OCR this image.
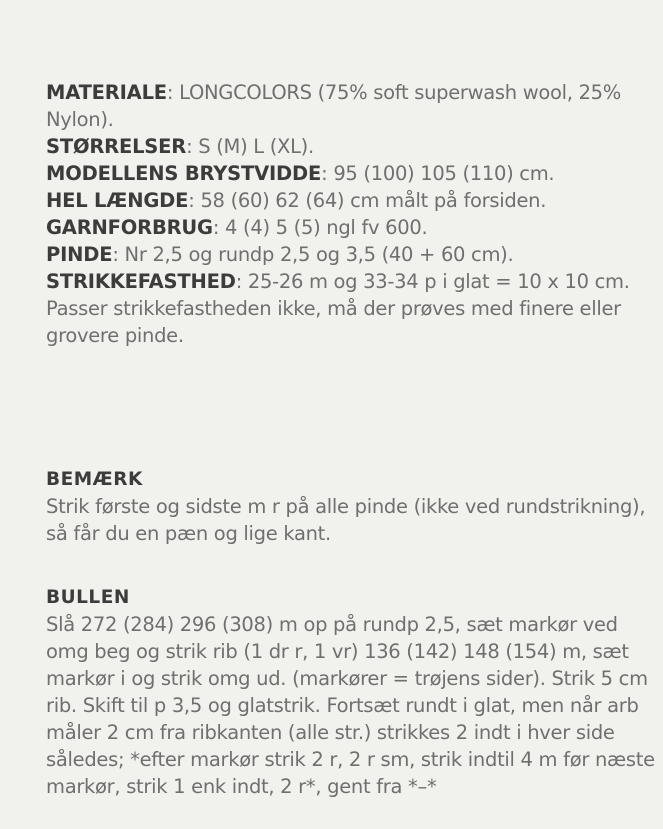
MATERIALE: LONGCOLORS (75% soft superwash wool, 25% Nylon).

STØRRELSER: S (M) L (XL).

MODELLENS BRYSTVIDDE: 95 (100) 105 (110) cm.

HEL LÆNGDE: 58 (60) 62 (64) cm målt på forsiden.

GARNFORBRUG: 4 (4) 5 (5) ngl fv 600.

PINDE: Nr 2,5 og rundp 2,5 og 3,5 (40 + 60 cm).

STRIKKEFASTHED: 25-26 m og 33-34 p i glat = 10 x 10 cm.

Passer strikkefastheden ikke, må der prøves med finere eller grovere pinde.

BEMÆRK

Strik første og sidste m r på alle pinde (ikke ved rundstrikning), så får du en pæn og lige kant.

BULLEN

Slå 272 (284) 296 (308) m op på rundp 2,5, sæt markør ved omg beg og strik rib (1 dr r, 1 vr) 136 (142) 148 (154) m, sæt markør i og strik omg ud. (markører = trøjens sider). Strik 5 cm rib. Skift til p 3,5 og glatstrik. Fortsæt rundt i glat, men når arb måler 2 cm fra ribkanten (alle str.) strikkes 2 indt i hver side således; *efter markør strik 2 r, 2 r sm, strik indtil 4 m før næste markør, strik 1 enk indt, 2 r*, gent fra *–*
